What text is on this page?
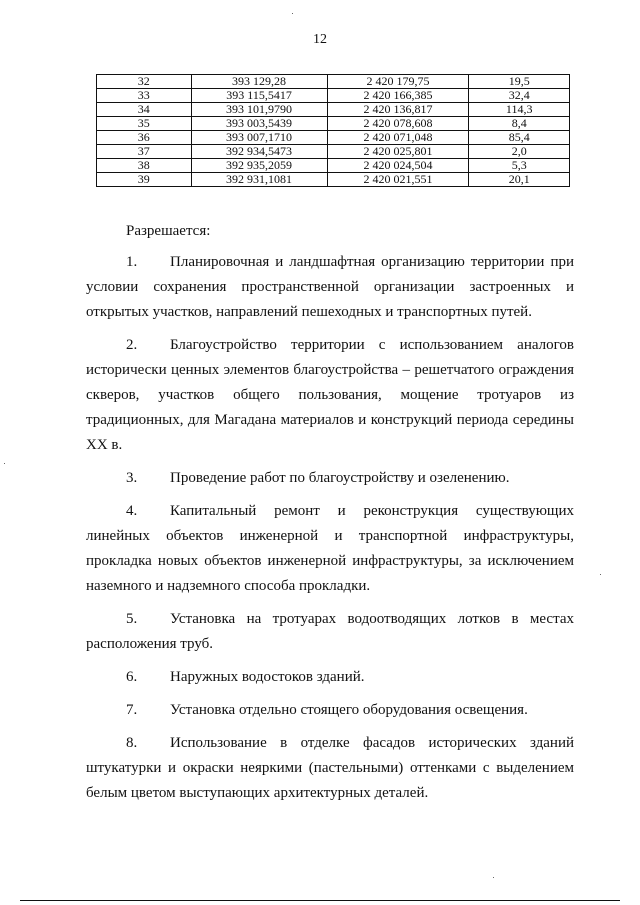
12
32	393 129,28	2 420 179,75	19,5
33	393 115,5417	2 420 166,385	32,4
34	393 101,9790	2 420 136,817	114,3
35	393 003,5439	2 420 078,608	8,4
36	393 007,1710	2 420 071,048	85,4
37	392 934,5473	2 420 025,801	2,0
38	392 935,2059	2 420 024,504	5,3
39	392 931,1081	2 420 021,551	20,1

Разрешается:

1. Планировочная и ландшафтная организацию территории при условии сохранения пространственной организации застроенных и открытых участков, направлений пешеходных и транспортных путей.

2. Благоустройство территории с использованием аналогов исторически ценных элементов благоустройства – решетчатого ограждения скверов, участков общего пользования, мощение тротуаров из традиционных, для Магадана материалов и конструкций периода середины XX в.

3. Проведение работ по благоустройству и озеленению.

4. Капитальный ремонт и реконструкция существующих линейных объектов инженерной и транспортной инфраструктуры, прокладка новых объектов инженерной инфраструктуры, за исключением наземного и надземного способа прокладки.

5. Установка на тротуарах водоотводящих лотков в местах расположения труб.

6. Наружных водостоков зданий.

7. Установка отдельно стоящего оборудования освещения.

8. Использование в отделке фасадов исторических зданий штукатурки и окраски неяркими (пастельными) оттенками с выделением белым цветом выступающих архитектурных деталей.
